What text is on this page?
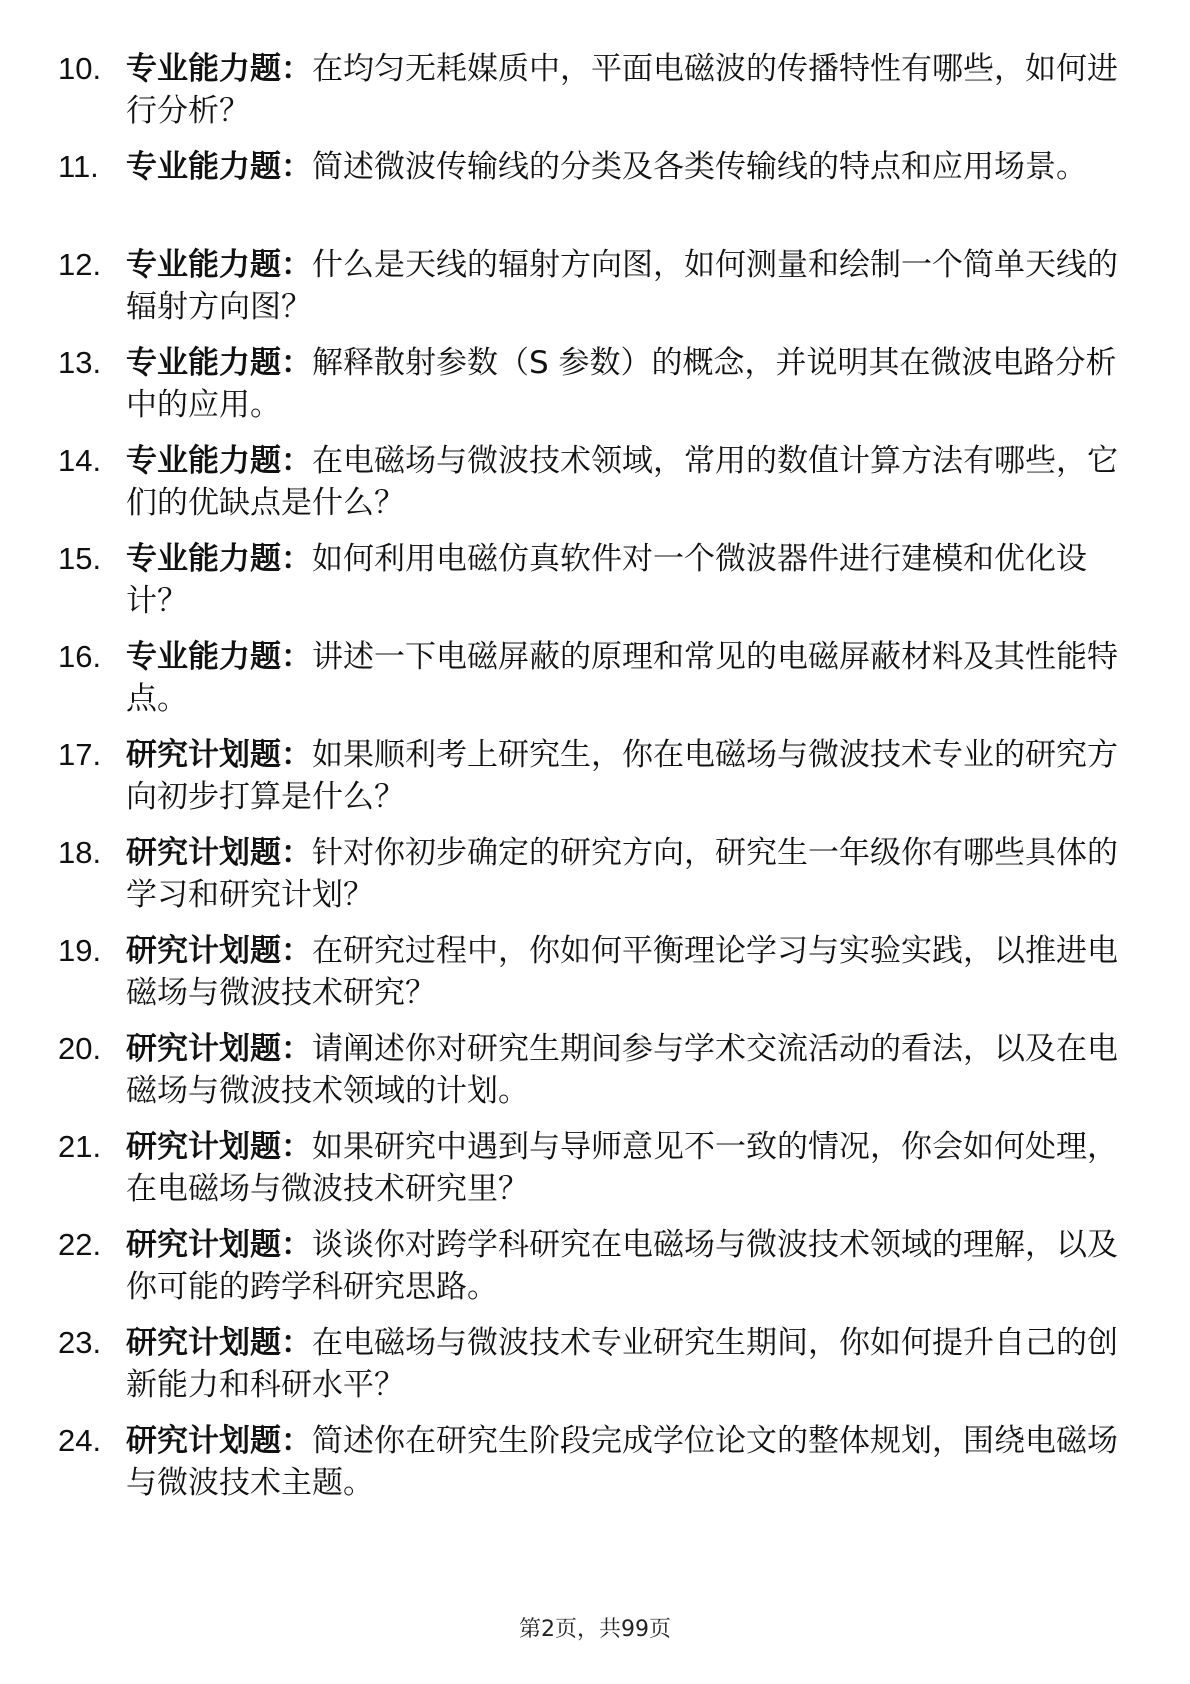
10. 专业能力题：在均匀无耗媒质中，平面电磁波的传播特性有哪些，如何进行分析？
11. 专业能力题：简述微波传输线的分类及各类传输线的特点和应用场景。
12. 专业能力题：什么是天线的辐射方向图，如何测量和绘制一个简单天线的辐射方向图？
13. 专业能力题：解释散射参数（S 参数）的概念，并说明其在微波电路分析中的应用。
14. 专业能力题：在电磁场与微波技术领域，常用的数值计算方法有哪些，它们的优缺点是什么？
15. 专业能力题：如何利用电磁仿真软件对一个微波器件进行建模和优化设计？
16. 专业能力题：讲述一下电磁屏蔽的原理和常见的电磁屏蔽材料及其性能特点。
17. 研究计划题：如果顺利考上研究生，你在电磁场与微波技术专业的研究方向初步打算是什么？
18. 研究计划题：针对你初步确定的研究方向，研究生一年级你有哪些具体的学习和研究计划？
19. 研究计划题：在研究过程中，你如何平衡理论学习与实验实践，以推进电磁场与微波技术研究？
20. 研究计划题：请阐述你对研究生期间参与学术交流活动的看法，以及在电磁场与微波技术领域的计划。
21. 研究计划题：如果研究中遇到与导师意见不一致的情况，你会如何处理，在电磁场与微波技术研究里？
22. 研究计划题：谈谈你对跨学科研究在电磁场与微波技术领域的理解，以及你可能的跨学科研究思路。
23. 研究计划题：在电磁场与微波技术专业研究生期间，你如何提升自己的创新能力和科研水平？
24. 研究计划题：简述你在研究生阶段完成学位论文的整体规划，围绕电磁场与微波技术主题。
第2页，共99页
